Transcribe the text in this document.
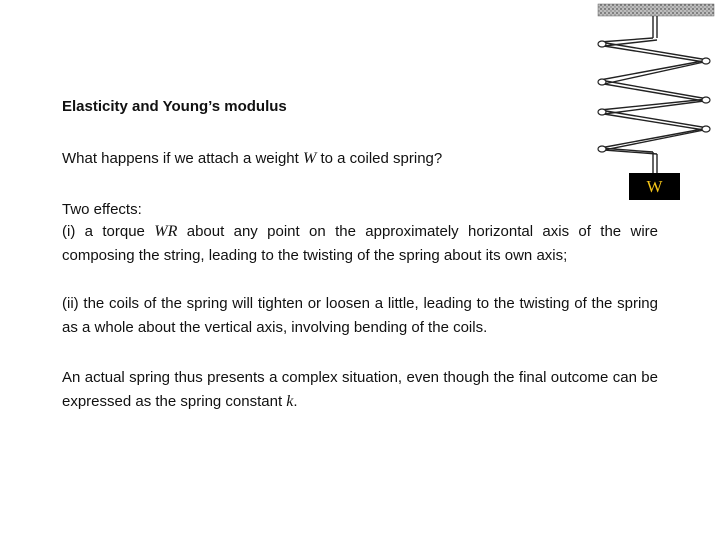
Elasticity and Young’s modulus

What happens if we attach a weight W to a coiled spring?

Two effects:

(i) a torque WR about any point on the approximately horizontal axis of the wire composing the string, leading to the twisting of the spring about its own axis;

(ii) the coils of the spring will tighten or loosen a little, leading to the twisting of the spring as a whole about the vertical axis, involving bending of the coils.

An actual spring thus presents a complex situation, even though the final outcome can be expressed as the spring constant k.

W
